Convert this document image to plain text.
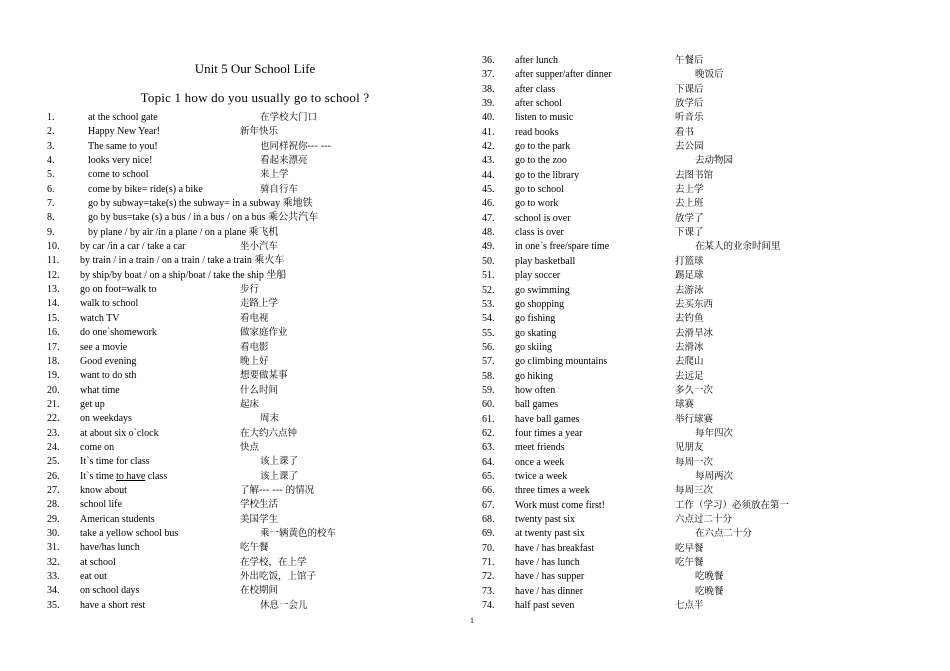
Unit 5 Our School Life
Topic 1 how do you usually go to school ?
1.	at the school gate	在学校大门口
2.	Happy New Year!	新年快乐
3.	The same to you!	也同样祝你--- ---
4.	looks very nice!	看起来漂亮
5.	come to school	来上学
6.	come by bike= ride(s) a bike	骑自行车
7.	go by subway=take(s) the subway= in a subway 乘地铁
8.	go by bus=take (s) a bus / in a bus / on a bus 乘公共汽车
9.	by plane / by air /in a plane / on a plane 乘飞机
10. by car /in a car / take a car	坐小汽车
11. by train / in a train / on a train / take a train 乘火车
12. by ship/by boat / on a ship/boat / take the ship 坐船
13. go on foot=walk to	步行
14. walk to school	走路上学
15. watch TV	看电视
16. do one`shomework	做家庭作业
17. see a movie	看电影
18. Good evening	晚上好
19. want to do sth	想要做某事
20. what time	什么时间
21. get up	起床
22. on weekdays	周末
23. at about six o`clock	在大约六点钟
24. come on	快点
25. It`s time for class	该上课了
26. It`s time to have class	该上课了
27. know about	了解--- --- 的情况
28. school life	学校生活
29. American students	美国学生
30. take a yellow school bus	乘一辆黄色的校车
31. have/has lunch	吃午餐
32. at school	在学校，在上学
33. eat out	外出吃饭，上馆子
34. on school days	在校期间
35. have a short rest	休息一会儿
36. after lunch	午餐后
37. after supper/after dinner	晚饭后
38. after class	下课后
39. after school	放学后
40. listen to music	听音乐
41. read books	看书
42. go to the park	去公园
43. go to the zoo	去动物园
44. go to the library	去图书馆
45. go to school	去上学
46. go to work	去上班
47. school is over	放学了
48. class is over	下课了
49. in one`s free/spare time	在某人的业余时间里
50. play basketball	打篮球
51. play soccer	踢足球
52. go swimming	去游泳
53. go shopping	去买东西
54. go fishing	去钓鱼
55. go skating	去滑旱冰
56. go skiing	去滑冰
57. go climbing mountains	去爬山
58. go hiking	去远足
59. how often	多久一次
60. ball games	球赛
61. have ball games	举行球赛
62. four times a year	每年四次
63. meet friends	见朋友
64. once a week	每周一次
65. twice a week	每周两次
66. three times a week	每周三次
67. Work must come first!	工作（学习）必须放在第一
68. twenty past six	六点过二十分
69. at twenty past six	在六点二十分
70. have / has breakfast	吃早餐
71. have / has lunch	吃午餐
72. have / has supper	吃晚餐
73. have / has dinner	吃晚餐
74. half past seven	七点半
1
